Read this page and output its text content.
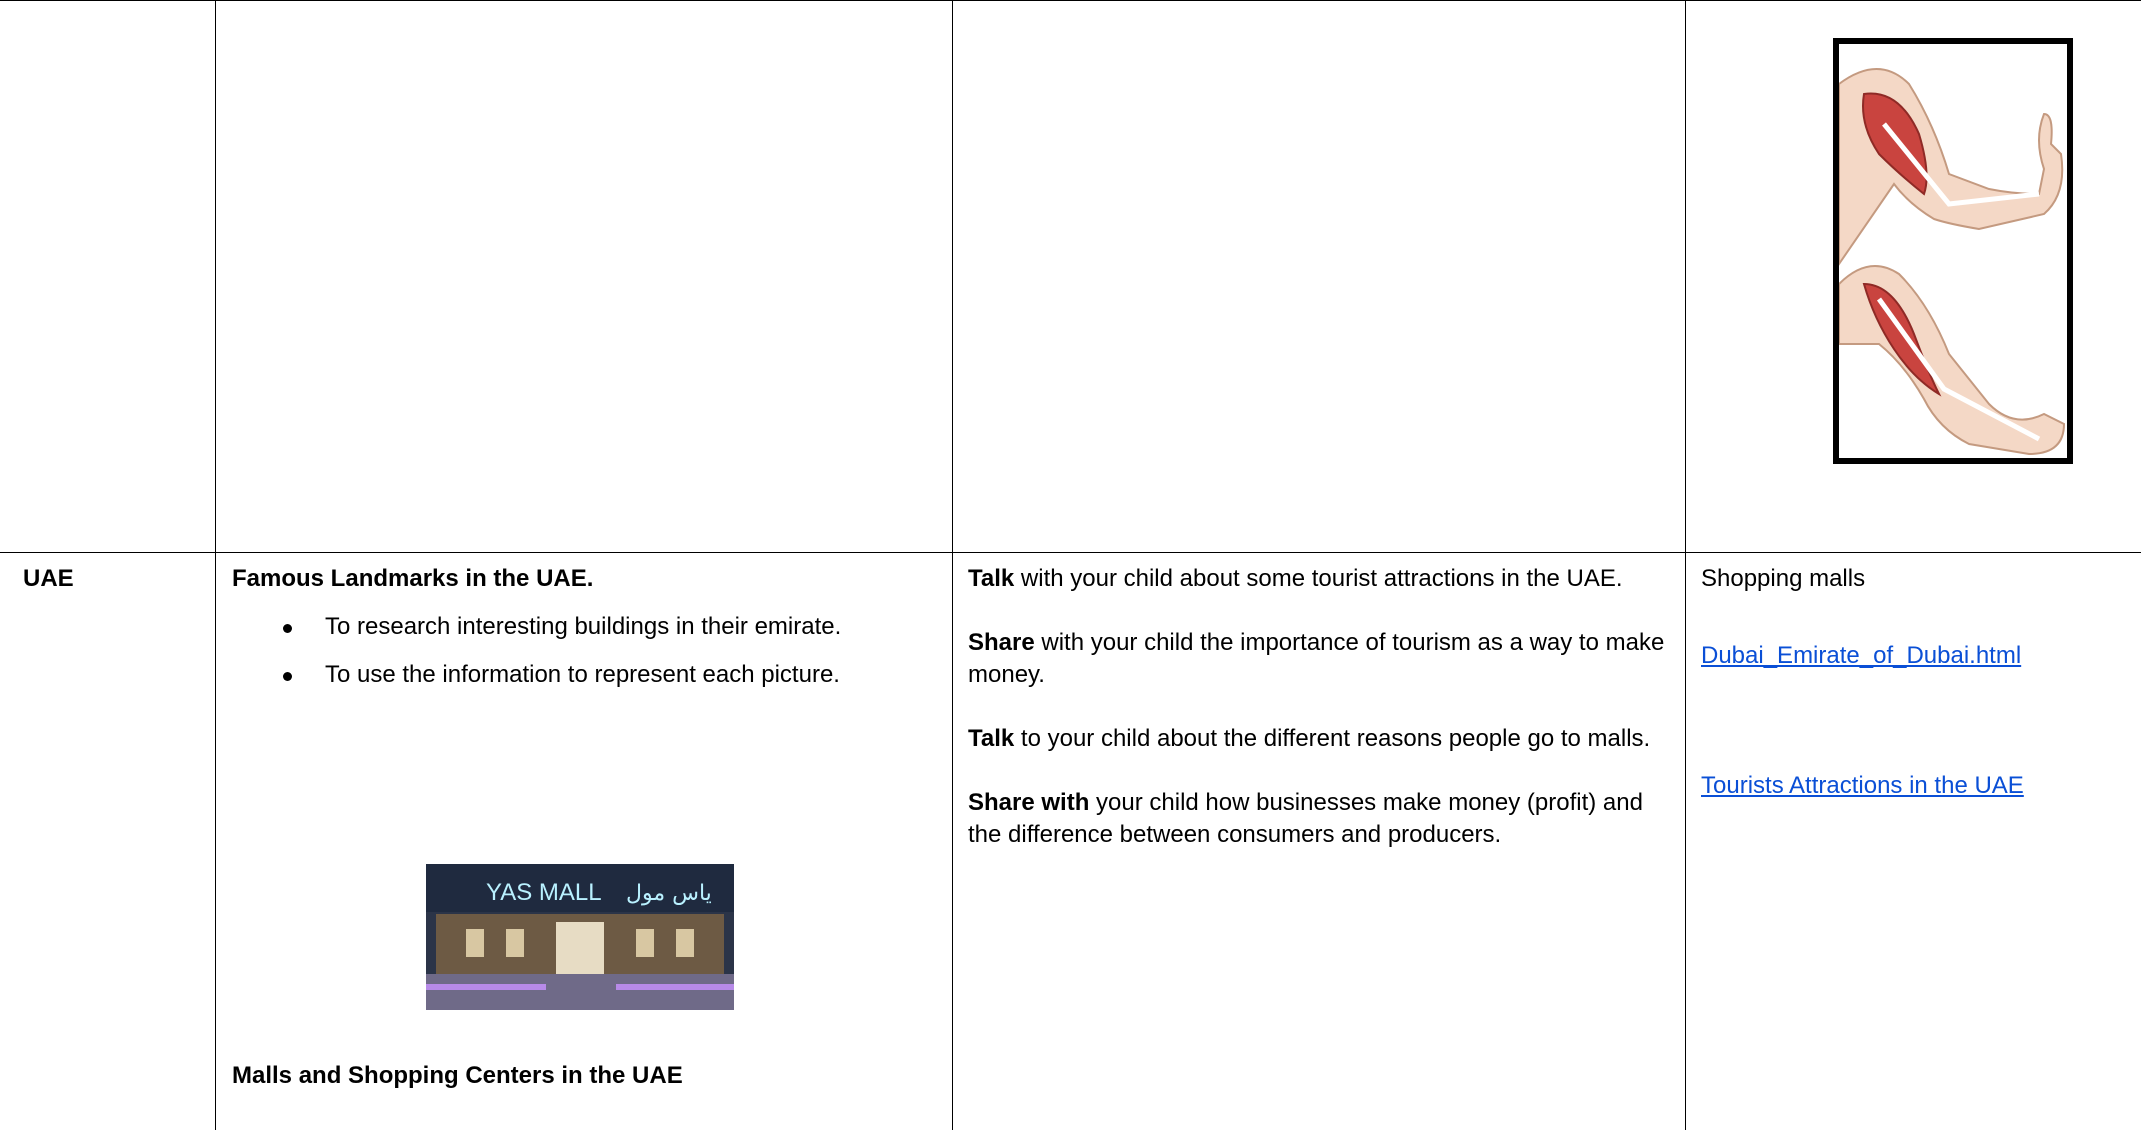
UAE	Famous Landmarks in the UAE.
To research interesting buildings in their emirate.
To use the information to represent each picture.
YAS MALL ياس مول
Malls and Shopping Centers in the UAE
Talk with your child about some tourist attractions in the UAE.
Share with your child the importance of tourism as a way to make money.
Talk to your child about the different reasons people go to malls.
Share with your child how businesses make money (profit) and the difference between consumers and producers.
Shopping malls
Dubai_Emirate_of_Dubai.html
Tourists Attractions in the UAE
